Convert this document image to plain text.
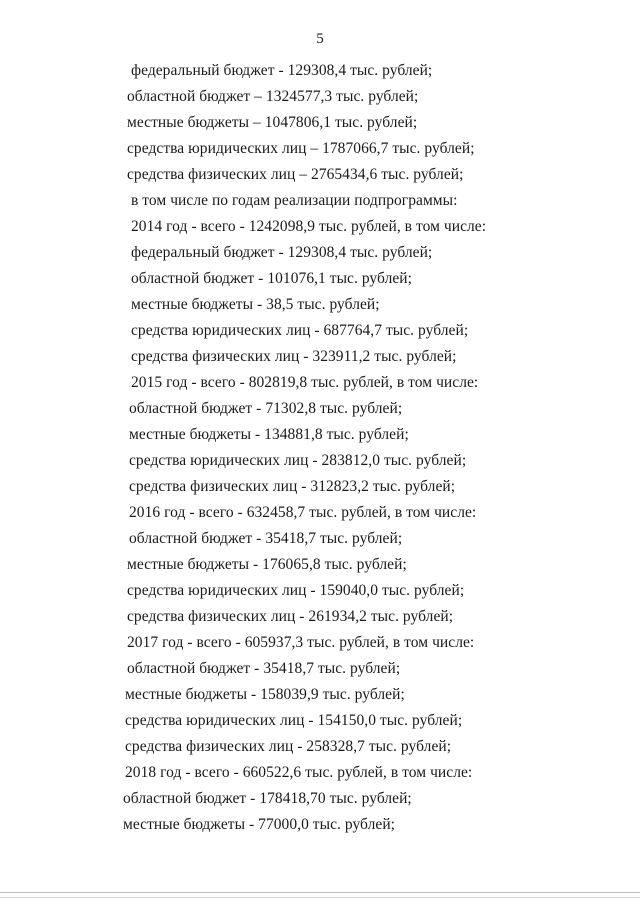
5
федеральный бюджет - 129308,4 тыс. рублей;
областной бюджет – 1324577,3 тыс. рублей;
местные бюджеты – 1047806,1 тыс. рублей;
средства юридических лиц – 1787066,7 тыс. рублей;
средства физических лиц – 2765434,6 тыс. рублей;
в том числе по годам реализации подпрограммы:
2014 год - всего - 1242098,9 тыс. рублей, в том числе:
федеральный бюджет - 129308,4 тыс. рублей;
областной бюджет - 101076,1 тыс. рублей;
местные бюджеты - 38,5 тыс. рублей;
средства юридических лиц - 687764,7 тыс. рублей;
средства физических лиц - 323911,2 тыс. рублей;
2015 год - всего - 802819,8 тыс. рублей, в том числе:
областной бюджет - 71302,8 тыс. рублей;
местные бюджеты - 134881,8 тыс. рублей;
средства юридических лиц - 283812,0 тыс. рублей;
средства физических лиц - 312823,2 тыс. рублей;
2016 год - всего - 632458,7 тыс. рублей, в том числе:
областной бюджет - 35418,7 тыс. рублей;
местные бюджеты - 176065,8 тыс. рублей;
средства юридических лиц - 159040,0 тыс. рублей;
средства физических лиц - 261934,2 тыс. рублей;
2017 год - всего - 605937,3 тыс. рублей, в том числе:
областной бюджет - 35418,7 тыс. рублей;
местные бюджеты - 158039,9 тыс. рублей;
средства юридических лиц - 154150,0 тыс. рублей;
средства физических лиц - 258328,7 тыс. рублей;
2018 год - всего - 660522,6 тыс. рублей, в том числе:
областной бюджет - 178418,70 тыс. рублей;
местные бюджеты - 77000,0 тыс. рублей;
